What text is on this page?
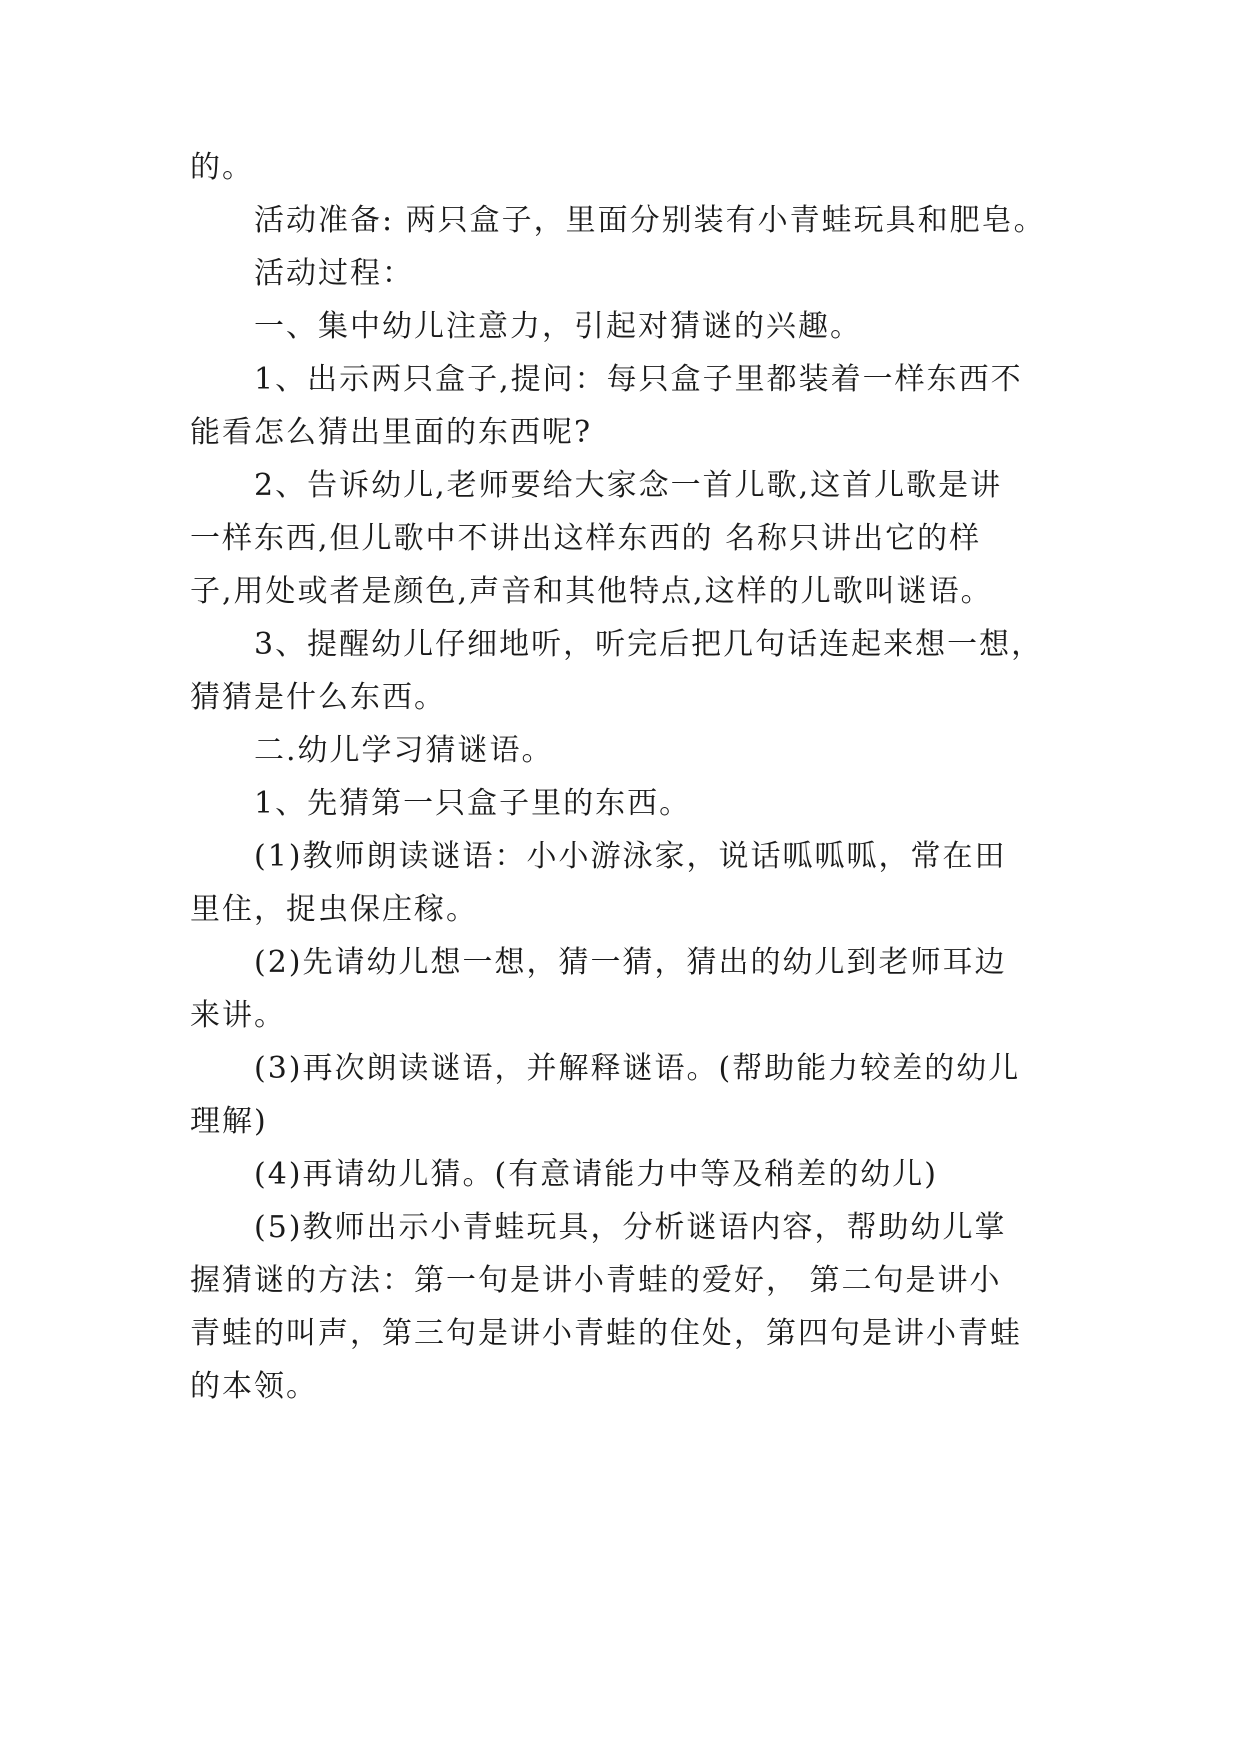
的。

活动准备: 两只盒子，里面分别装有小青蛙玩具和肥皂。

活动过程：

一、集中幼儿注意力，引起对猜谜的兴趣。

1、出示两只盒子,提问：每只盒子里都装着一样东西不

能看怎么猜出里面的东西呢?

2、告诉幼儿,老师要给大家念一首儿歌,这首儿歌是讲

一样东西,但儿歌中不讲出这样东西的 名称只讲出它的样

子,用处或者是颜色,声音和其他特点,这样的儿歌叫谜语。

3、提醒幼儿仔细地听，听完后把几句话连起来想一想，

猜猜是什么东西。

二.幼儿学习猜谜语。

1、先猜第一只盒子里的东西。

(1)教师朗读谜语：小小游泳家，说话呱呱呱，常在田

里住，捉虫保庄稼。

(2)先请幼儿想一想，猜一猜，猜出的幼儿到老师耳边

来讲。

(3)再次朗读谜语，并解释谜语。(帮助能力较差的幼儿

理解)

(4)再请幼儿猜。(有意请能力中等及稍差的幼儿)

(5)教师出示小青蛙玩具，分析谜语内容，帮助幼儿掌

握猜谜的方法：第一句是讲小青蛙的爱好， 第二句是讲小

青蛙的叫声，第三句是讲小青蛙的住处，第四句是讲小青蛙

的本领。
